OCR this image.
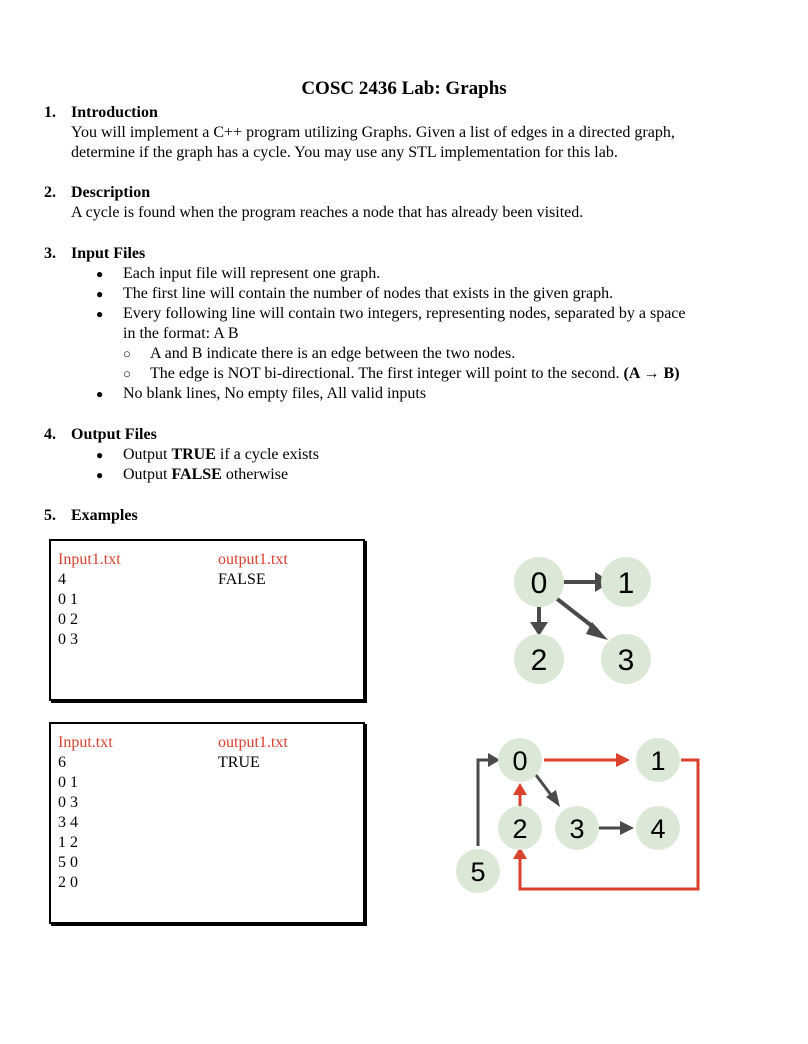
COSC 2436 Lab: Graphs
1. Introduction
You will implement a C++ program utilizing Graphs. Given a list of edges in a directed graph,
determine if the graph has a cycle. You may use any STL implementation for this lab.
2. Description
A cycle is found when the program reaches a node that has already been visited.
3. Input Files
● Each input file will represent one graph.
● The first line will contain the number of nodes that exists in the given graph.
● Every following line will contain two integers, representing nodes, separated by a space
in the format: A B
○ A and B indicate there is an edge between the two nodes.
○ The edge is NOT bi-directional. The first integer will point to the second. (A → B)
● No blank lines, No empty files, All valid inputs
4. Output Files
● Output TRUE if a cycle exists
● Output FALSE otherwise
5. Examples
Input1.txt
4
0 1
0 2
0 3
output1.txt
FALSE
Input.txt
6
0 1
0 3
3 4
1 2
5 0
2 0
output1.txt
TRUE
0 1
2 3
0	1
2 3 4
5
